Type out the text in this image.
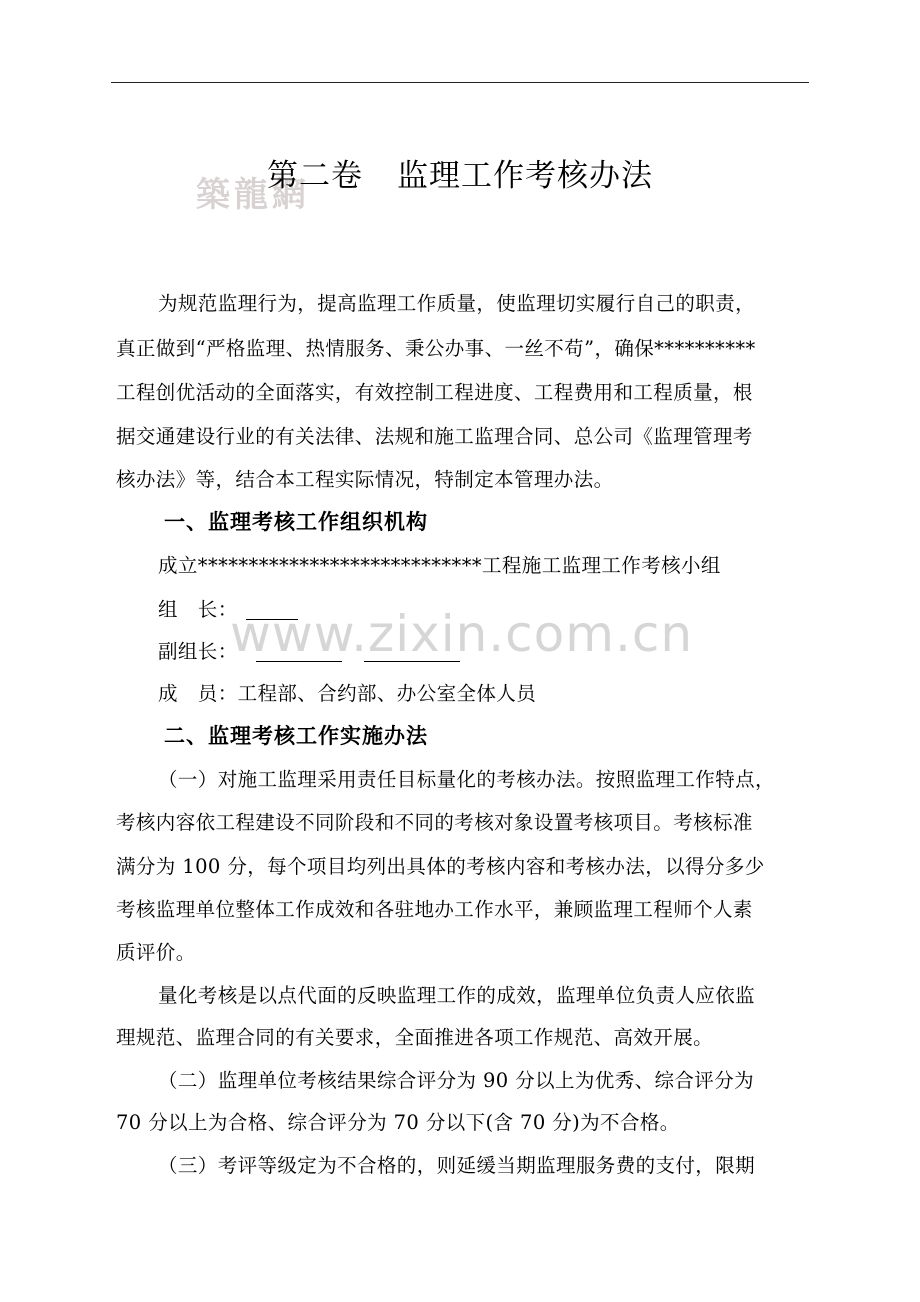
築龍網
第二卷 监理工作考核办法
为规范监理行为，提高监理工作质量，使监理切实履行自己的职责，
真正做到“严格监理、热情服务、秉公办事、一丝不苟”，确保**********
工程创优活动的全面落实，有效控制工程进度、工程费用和工程质量，根
据交通建设行业的有关法律、法规和施工监理合同、总公司《监理管理考
核办法》等，结合本工程实际情况，特制定本管理办法。
一、监理考核工作组织机构
成立****************************工程施工监理工作考核小组
组　长：
副组长：
成　员：工程部、合约部、办公室全体人员
二、监理考核工作实施办法
（一）对施工监理采用责任目标量化的考核办法。按照监理工作特点，
考核内容依工程建设不同阶段和不同的考核对象设置考核项目。考核标准
满分为 100 分，每个项目均列出具体的考核内容和考核办法，以得分多少
考核监理单位整体工作成效和各驻地办工作水平，兼顾监理工程师个人素
质评价。
量化考核是以点代面的反映监理工作的成效，监理单位负责人应依监
理规范、监理合同的有关要求，全面推进各项工作规范、高效开展。
（二）监理单位考核结果综合评分为 90 分以上为优秀、综合评分为
70 分以上为合格、综合评分为 70 分以下(含 70 分)为不合格。
（三）考评等级定为不合格的，则延缓当期监理服务费的支付，限期
www.zixin.com.cn
